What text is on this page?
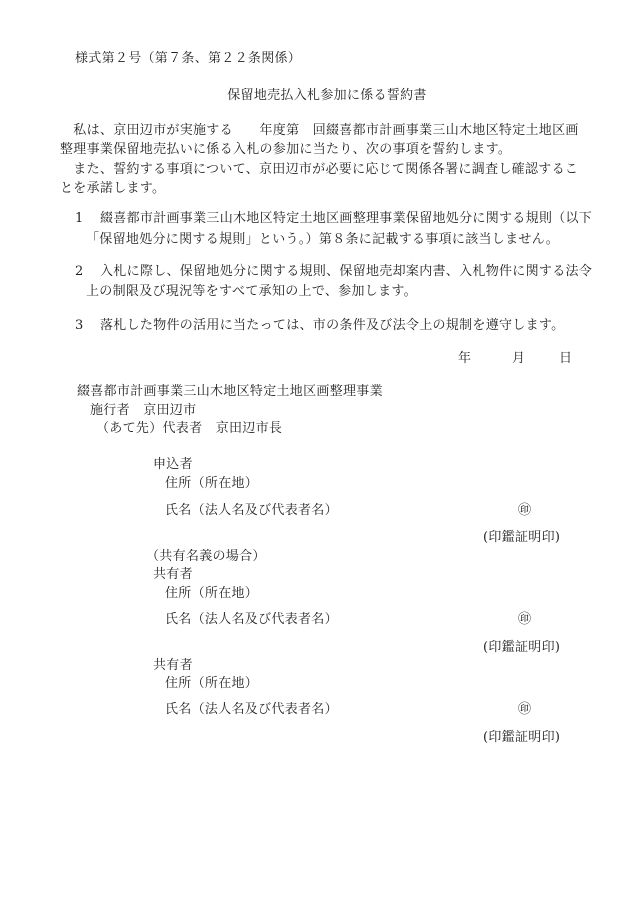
様式第２号（第７条、第２２条関係）
保留地売払入札参加に係る誓約書
　私は、京田辺市が実施する　　年度第　回綴喜都市計画事業三山木地区特定土地区画
整理事業保留地売払いに係る入札の参加に当たり、次の事項を誓約します。
　また、誓約する事項について、京田辺市が必要に応じて関係各署に調査し確認するこ
とを承諾します。
1 綴喜都市計画事業三山木地区特定土地区画整理事業保留地処分に関する規則（以下
「保留地処分に関する規則」という。）第８条に記載する事項に該当しません。
2 入札に際し、保留地処分に関する規則、保留地売却案内書、入札物件に関する法令
上の制限及び現況等をすべて承知の上で、参加します。
3 落札した物件の活用に当たっては、市の条件及び法令上の規制を遵守します。
年	月	日
綴喜都市計画事業三山木地区特定土地区画整理事業
施行者　京田辺市
（あて先）代表者　京田辺市長
申込者
住所（所在地）
氏名（法人名及び代表者名）	㊞
(印鑑証明印)
（共有名義の場合）
共有者
住所（所在地）
氏名（法人名及び代表者名）	㊞
(印鑑証明印)
共有者
住所（所在地）
氏名（法人名及び代表者名）	㊞
(印鑑証明印)
